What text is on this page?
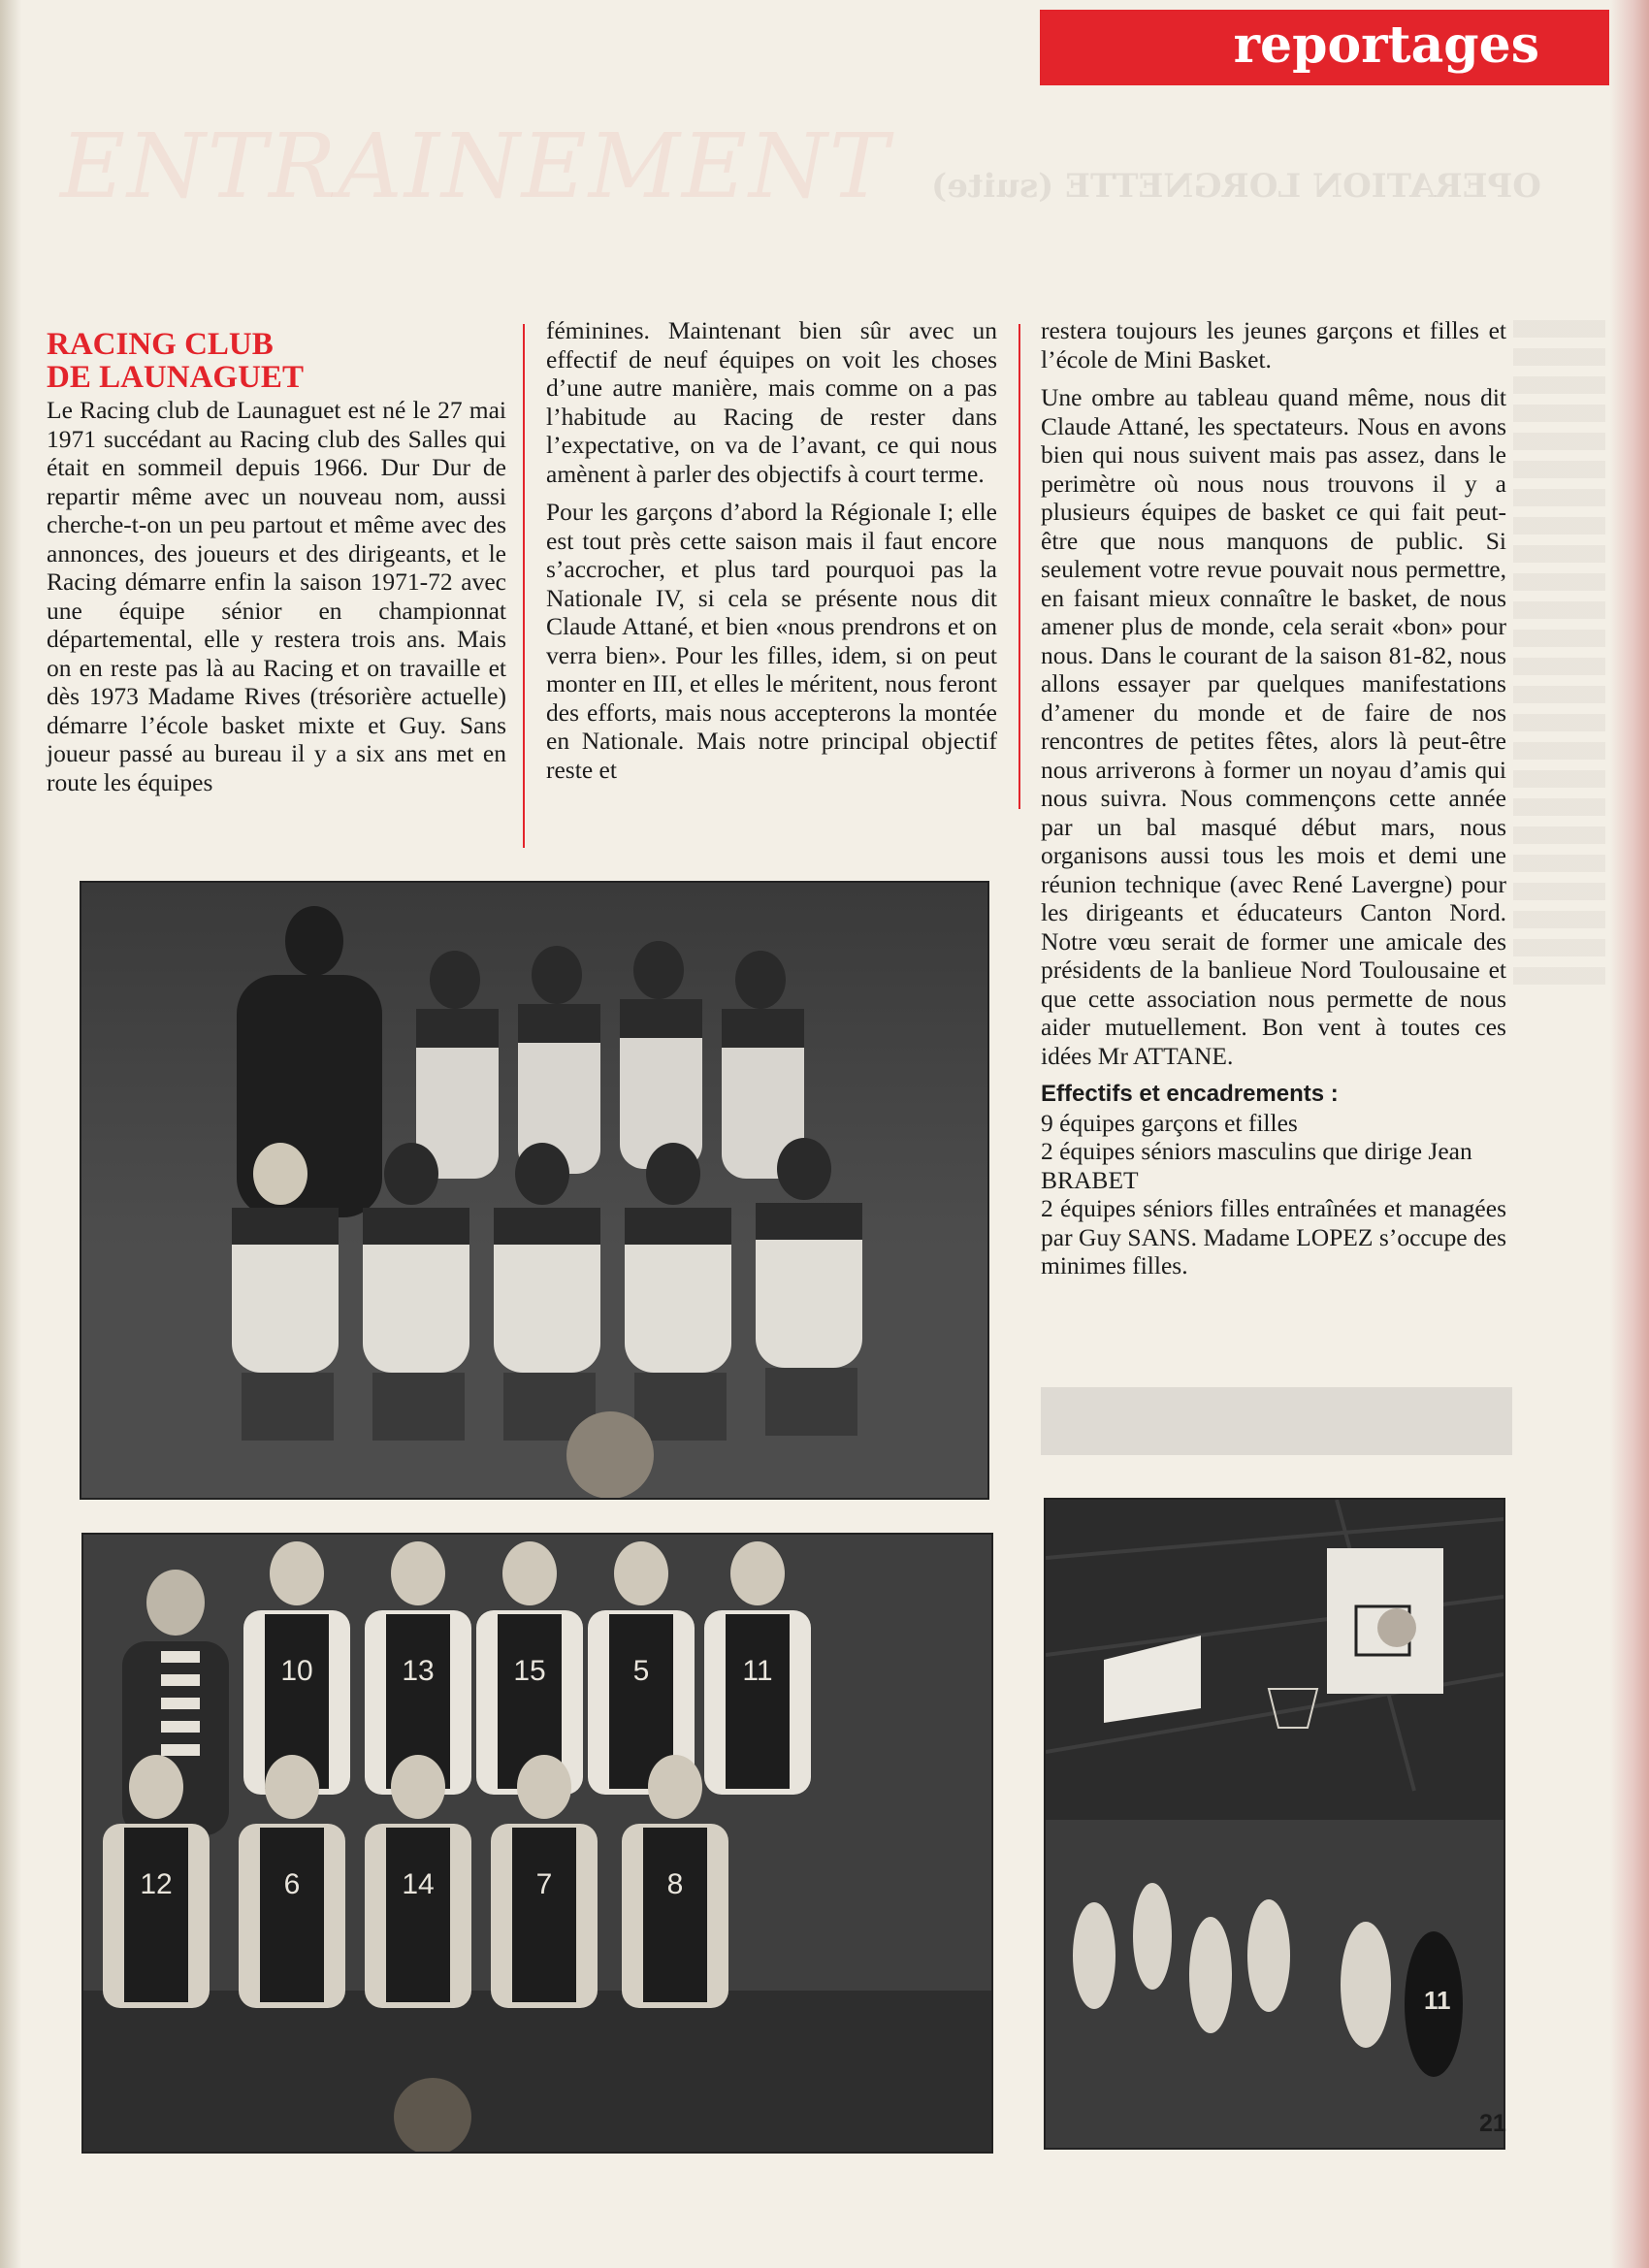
reportages
ENTRAINEMENT OPERATION LORGNETTE (suite)
RACING CLUB
DE LAUNAGUET

Le Racing club de Launaguet est né le 27 mai 1971 succédant au Racing club des Salles qui était en sommeil depuis 1966. Dur Dur de repartir même avec un nouveau nom, aussi cherche-t-on un peu partout et même avec des annonces, des joueurs et des dirigeants, et le Racing démarre enfin la saison 1971-72 avec une équipe sénior en championnat départemental, elle y restera trois ans. Mais on en reste pas là au Racing et on travaille et dès 1973 Madame Rives (trésorière actuelle) démarre l’école basket mixte et Guy. Sans joueur passé au bureau il y a six ans met en route les équipes

féminines. Maintenant bien sûr avec un effectif de neuf équipes on voit les choses d’une autre manière, mais comme on a pas l’habitude au Racing de rester dans l’expectative, on va de l’avant, ce qui nous amènent à parler des objectifs à court terme.

Pour les garçons d’abord la Régionale I; elle est tout près cette saison mais il faut encore s’accrocher, et plus tard pourquoi pas la Nationale IV, si cela se présente nous dit Claude Attané, et bien «nous prendrons et on verra bien». Pour les filles, idem, si on peut monter en III, et elles le méritent, nous feront des efforts, mais nous accepterons la montée en Nationale. Mais notre principal objectif reste et

restera toujours les jeunes garçons et filles et l’école de Mini Basket.

Une ombre au tableau quand même, nous dit Claude Attané, les spectateurs. Nous en avons bien qui nous suivent mais pas assez, dans le perimètre où nous nous trouvons il y a plusieurs équipes de basket ce qui fait peut-être que nous manquons de public. Si seulement votre revue pouvait nous permettre, en faisant mieux connaître le basket, de nous amener plus de monde, cela serait «bon» pour nous. Dans le courant de la saison 81-82, nous allons essayer par quelques manifestations d’amener du monde et de faire de nos rencontres de petites fêtes, alors là peut-être nous arriverons à former un noyau d’amis qui nous suivra. Nous commençons cette année par un bal masqué début mars, nous organisons aussi tous les mois et demi une réunion technique (avec René Lavergne) pour les dirigeants et éducateurs Canton Nord. Notre vœu serait de former une amicale des présidents de la banlieue Nord Toulousaine et que cette association nous permette de nous aider mutuellement. Bon vent à toutes ces idées Mr ATTANE.

Effectifs et encadrements :
9 équipes garçons et filles
2 équipes séniors masculins que dirige Jean BRABET
2 équipes séniors filles entraînées et managées par Guy SANS. Madame LOPEZ s’occupe des minimes filles.
10	13	15	5	11
12	6	14	7	8
11
21
